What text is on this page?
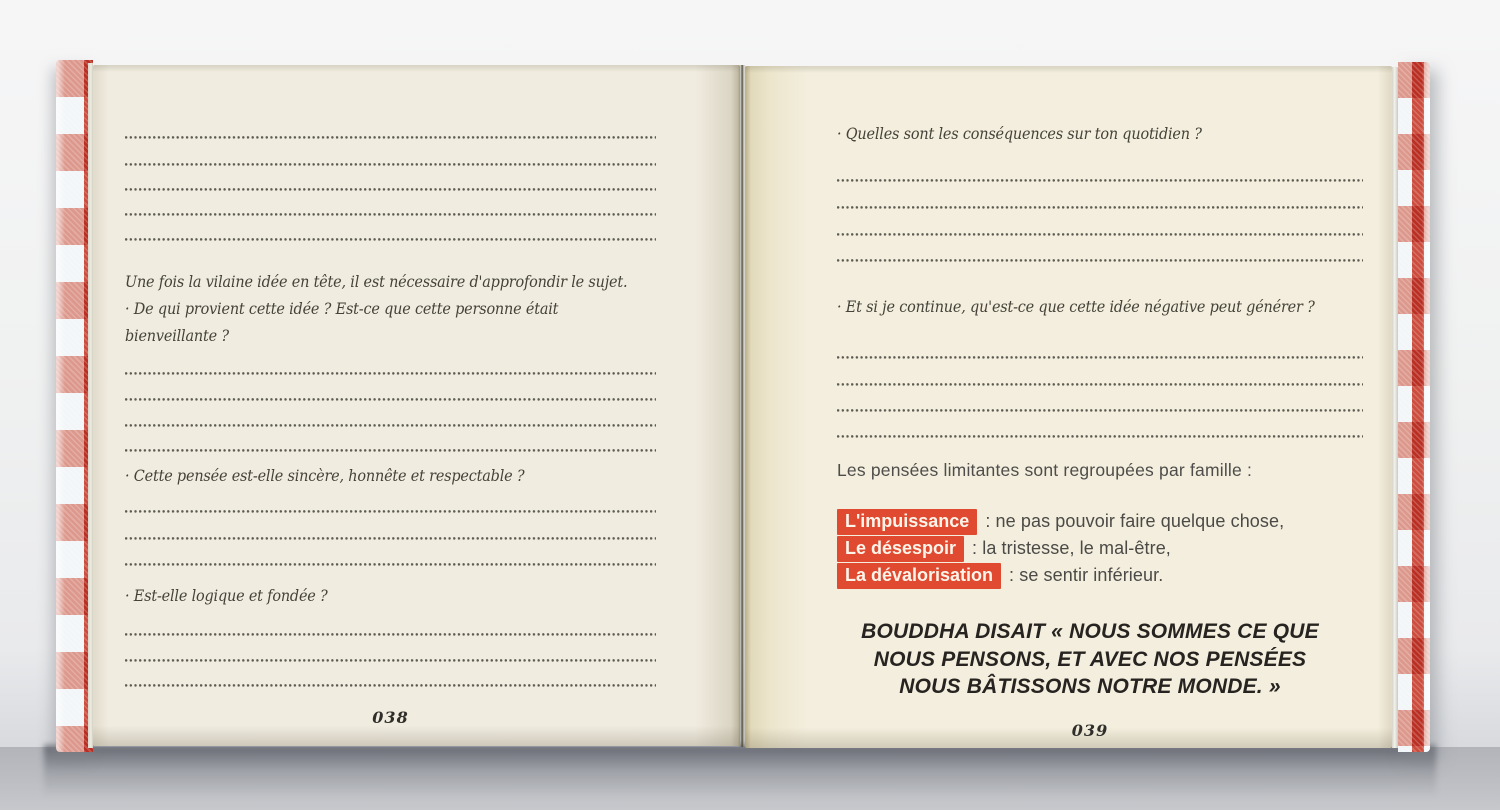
Une fois la vilaine idée en tête, il est nécessaire d'approfondir le sujet.
· De qui provient cette idée ? Est-ce que cette personne était bienveillante ?
· Cette pensée est-elle sincère, honnête et respectable ?
· Est-elle logique et fondée ?
038
· Quelles sont les conséquences sur ton quotidien ?
· Et si je continue, qu'est-ce que cette idée négative peut générer ?
Les pensées limitantes sont regroupées par famille :
L'impuissance : ne pas pouvoir faire quelque chose,
Le désespoir : la tristesse, le mal-être,
La dévalorisation : se sentir inférieur.
BOUDDHA DISAIT « NOUS SOMMES CE QUE
NOUS PENSONS, ET AVEC NOS PENSÉES
NOUS BÂTISSONS NOTRE MONDE. »
039
